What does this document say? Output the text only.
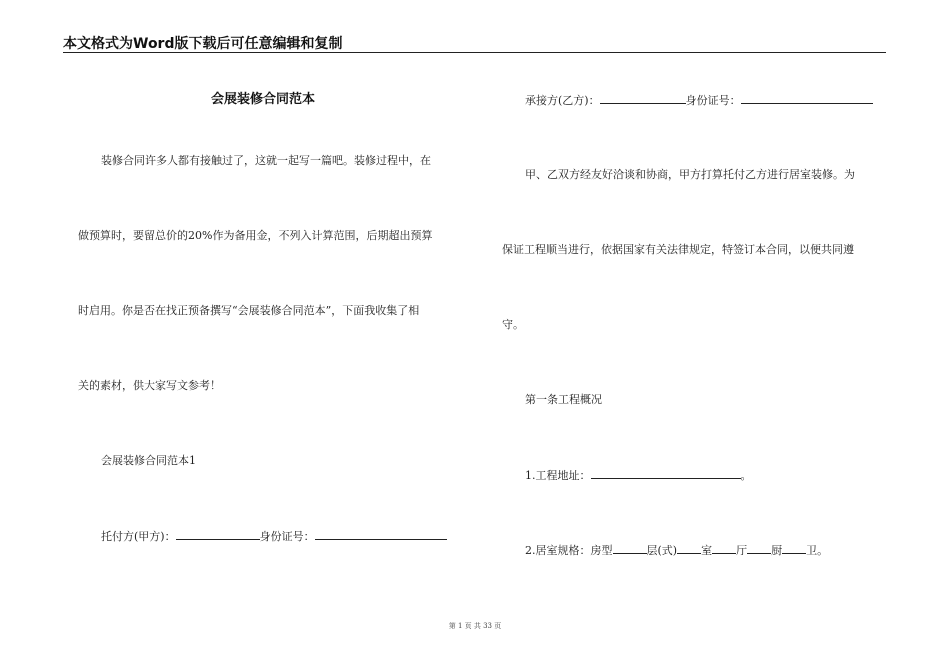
本文格式为Word版下载后可任意编辑和复制
会展装修合同范本
装修合同许多人都有接触过了，这就一起写一篇吧。装修过程中，在
做预算时，要留总价的20%作为备用金，不列入计算范围，后期超出预算
时启用。你是否在找正预备撰写“会展装修合同范本”，下面我收集了相
关的素材，供大家写文参考！
会展装修合同范本1
托付方(甲方)：	身份证号：
承接方(乙方)：	身份证号：
甲、乙双方经友好洽谈和协商，甲方打算托付乙方进行居室装修。为
保证工程顺当进行，依据国家有关法律规定，特签订本合同，以便共同遵
守。
第一条工程概况
1.工程地址：	。
2.居室规格：房型	层(式) 室 厅 厨 卫。
第 1 页 共 33 页
